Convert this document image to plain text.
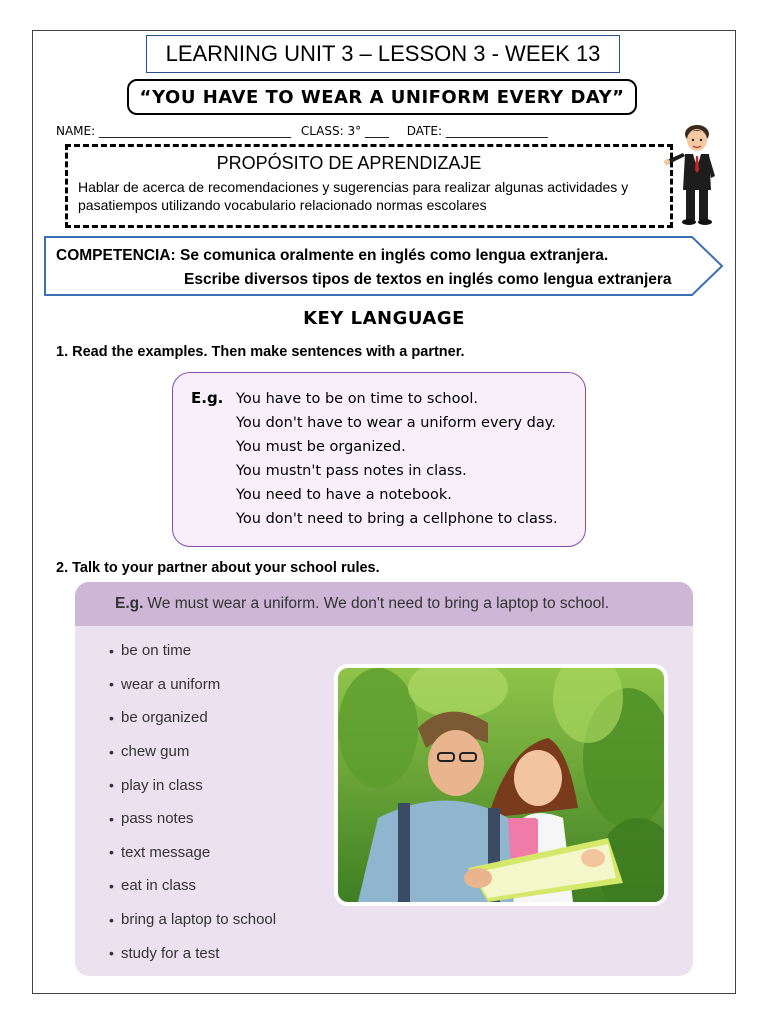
LEARNING UNIT 3 – LESSON 3 - WEEK 13
“YOU HAVE TO WEAR A UNIFORM EVERY DAY”
NAME: ________________________________ CLASS: 3° ____ DATE: _________________
PROPÓSITO DE APRENDIZAJE
Hablar de acerca de recomendaciones y sugerencias para realizar algunas actividades y pasatiempos utilizando vocabulario relacionado normas escolares
COMPETENCIA: Se comunica oralmente en inglés como lengua extranjera.
Escribe diversos tipos de textos en inglés como lengua extranjera
KEY LANGUAGE
1. Read the examples. Then make sentences with a partner.
E.g. You have to be on time to school.
You don't have to wear a uniform every day.
You must be organized.
You mustn't pass notes in class.
You need to have a notebook.
You don't need to bring a cellphone to class.
2. Talk to your partner about your school rules.
E.g. We must wear a uniform. We don't need to bring a laptop to school.
• be on time
• wear a uniform
• be organized
• chew gum
• play in class
• pass notes
• text message
• eat in class
• bring a laptop to school
• study for a test
